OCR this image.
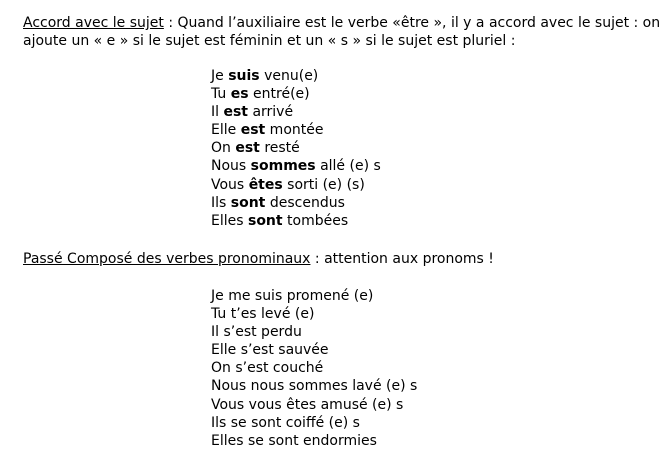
Accord avec le sujet : Quand l’auxiliaire est le verbe «être », il y a accord avec le sujet : on
ajoute un « e » si le sujet est féminin et un « s » si le sujet est pluriel :
Je suis venu(e)
Tu es entré(e)
Il est arrivé
Elle est montée
On est resté
Nous sommes allé (e) s
Vous êtes sorti (e) (s)
Ils sont descendus
Elles sont tombées
Passé Composé des verbes pronominaux : attention aux pronoms !
Je me suis promené (e)
Tu t’es levé (e)
Il s’est perdu
Elle s’est sauvée
On s’est couché
Nous nous sommes lavé (e) s
Vous vous êtes amusé (e) s
Ils se sont coiffé (e) s
Elles se sont endormies
